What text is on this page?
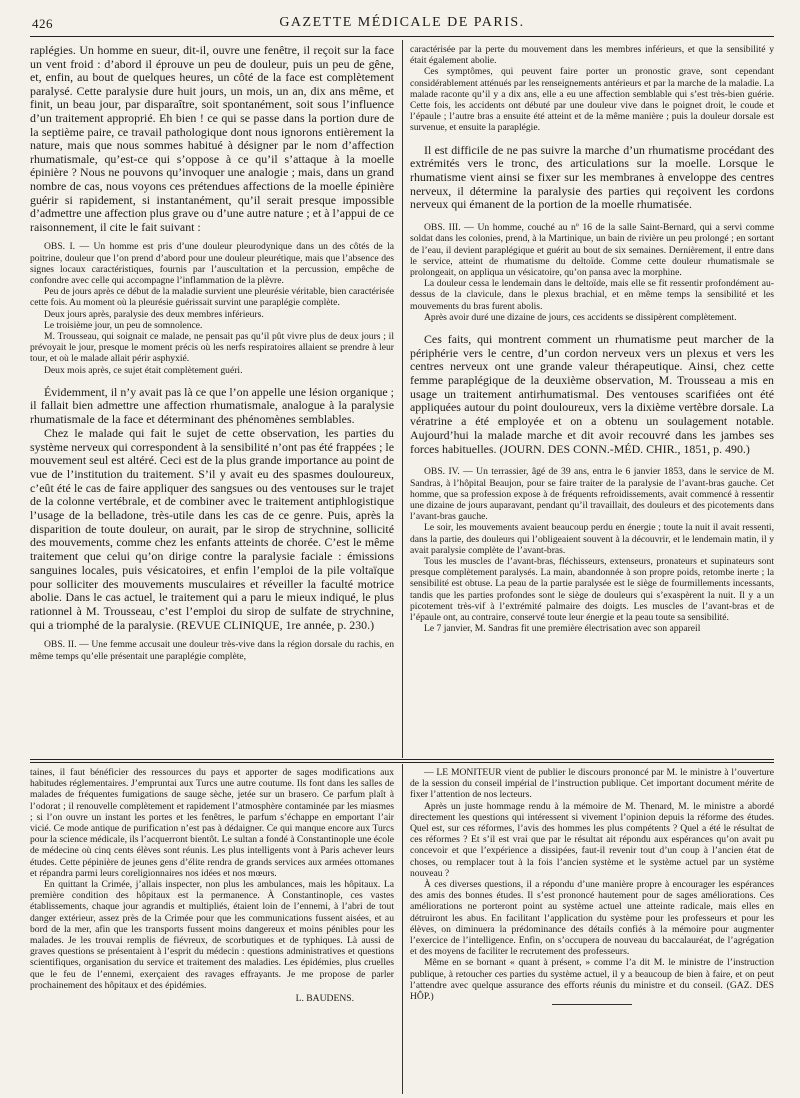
426	GAZETTE MÉDICALE DE PARIS.

raplégies. Un homme en sueur, dit-il, ouvre une fenêtre, il reçoit sur la face un vent froid : d’abord il éprouve un peu de douleur, puis un peu de gêne, et, enfin, au bout de quelques heures, un côté de la face est complètement paralysé. Cette paralysie dure huit jours, un mois, un an, dix ans même, et finit, un beau jour, par disparaître, soit spontanément, soit sous l’influence d’un traitement approprié. Eh bien ! ce qui se passe dans la portion dure de la septième paire, ce travail pathologique dont nous ignorons entièrement la nature, mais que nous sommes habitué à désigner par le nom d’affection rhumatismale, qu’est-ce qui s’oppose à ce qu’il s’attaque à la moelle épinière ? Nous ne pouvons qu’invoquer une analogie ; mais, dans un grand nombre de cas, nous voyons ces prétendues affections de la moelle épinière guérir si rapidement, si instantanément, qu’il serait presque impossible d’admettre une affection plus grave ou d’une autre nature ; et à l’appui de ce raisonnement, il cite le fait suivant :

OBS. I. — Un homme est pris d’une douleur pleurodynique dans un des côtés de la poitrine, douleur que l’on prend d’abord pour une douleur pleurétique, mais que l’absence des signes locaux caractéristiques, fournis par l’auscultation et la percussion, empêche de confondre avec celle qui accompagne l’inflammation de la plèvre.

Peu de jours après ce début de la maladie survient une pleurésie véritable, bien caractérisée cette fois. Au moment où la pleurésie guérissait survint une paraplégie complète.

Deux jours après, paralysie des deux membres inférieurs.

Le troisième jour, un peu de somnolence.

M. Trousseau, qui soignait ce malade, ne pensait pas qu’il pût vivre plus de deux jours ; il prévoyait le jour, presque le moment précis où les nerfs respiratoires allaient se prendre à leur tour, et où le malade allait périr asphyxié.

Deux mois après, ce sujet était complètement guéri.

Évidemment, il n’y avait pas là ce que l’on appelle une lésion organique ; il fallait bien admettre une affection rhumatismale, analogue à la paralysie rhumatismale de la face et déterminant des phénomènes semblables.

Chez le malade qui fait le sujet de cette observation, les parties du système nerveux qui correspondent à la sensibilité n’ont pas été frappées ; le mouvement seul est altéré. Ceci est de la plus grande importance au point de vue de l’institution du traitement. S’il y avait eu des spasmes douloureux, c’eût été le cas de faire appliquer des sangsues ou des ventouses sur le trajet de la colonne vertébrale, et de combiner avec le traitement antiphlogistique l’usage de la belladone, très-utile dans les cas de ce genre. Puis, après la disparition de toute douleur, on aurait, par le sirop de strychnine, sollicité des mouvements, comme chez les enfants atteints de chorée. C’est le même traitement que celui qu’on dirige contre la paralysie faciale : émissions sanguines locales, puis vésicatoires, et enfin l’emploi de la pile voltaïque pour solliciter des mouvements musculaires et réveiller la faculté motrice abolie. Dans le cas actuel, le traitement qui a paru le mieux indiqué, le plus rationnel à M. Trousseau, c’est l’emploi du sirop de sulfate de strychnine, qui a triomphé de la paralysie. (REVUE CLINIQUE, 1re année, p. 230.)

OBS. II. — Une femme accusait une douleur très-vive dans la région dorsale du rachis, en même temps qu’elle présentait une paraplégie complète,

caractérisée par la perte du mouvement dans les membres inférieurs, et que la sensibilité y était également abolie.

Ces symptômes, qui peuvent faire porter un pronostic grave, sont cependant considérablement atténués par les renseignements antérieurs et par la marche de la maladie. La malade raconte qu’il y a dix ans, elle a eu une affection semblable qui s’est très-bien guérie. Cette fois, les accidents ont débuté par une douleur vive dans le poignet droit, le coude et l’épaule ; l’autre bras a ensuite été atteint et de la même manière ; puis la douleur dorsale est survenue, et ensuite la paraplégie.

Il est difficile de ne pas suivre la marche d’un rhumatisme procédant des extrémités vers le tronc, des articulations sur la moelle. Lorsque le rhumatisme vient ainsi se fixer sur les membranes à enveloppe des centres nerveux, il détermine la paralysie des parties qui reçoivent les cordons nerveux qui émanent de la portion de la moelle rhumatisée.

OBS. III. — Un homme, couché au nº 16 de la salle Saint-Bernard, qui a servi comme soldat dans les colonies, prend, à la Martinique, un bain de rivière un peu prolongé ; en sortant de l’eau, il devient paraplégique et guérit au bout de six semaines. Dernièrement, il entre dans le service, atteint de rhumatisme du deltoïde. Comme cette douleur rhumatismale se prolongeait, on appliqua un vésicatoire, qu’on pansa avec la morphine.

La douleur cessa le lendemain dans le deltoïde, mais elle se fit ressentir profondément au-dessus de la clavicule, dans le plexus brachial, et en même temps la sensibilité et les mouvements du bras furent abolis.

Après avoir duré une dizaine de jours, ces accidents se dissipèrent complètement.

Ces faits, qui montrent comment un rhumatisme peut marcher de la périphérie vers le centre, d’un cordon nerveux vers un plexus et vers les centres nerveux ont une grande valeur thérapeutique. Ainsi, chez cette femme paraplégique de la deuxième observation, M. Trousseau a mis en usage un traitement antirhumatismal. Des ventouses scarifiées ont été appliquées autour du point douloureux, vers la dixième vertèbre dorsale. La vératrine a été employée et on a obtenu un soulagement notable. Aujourd’hui la malade marche et dit avoir recouvré dans les jambes ses forces habituelles. (JOURN. DES CONN.-MÉD. CHIR., 1851, p. 490.)

OBS. IV. — Un terrassier, âgé de 39 ans, entra le 6 janvier 1853, dans le service de M. Sandras, à l’hôpital Beaujon, pour se faire traiter de la paralysie de l’avant-bras gauche. Cet homme, que sa profession expose à de fréquents refroidissements, avait commencé à ressentir une dizaine de jours auparavant, pendant qu’il travaillait, des douleurs et des picotements dans l’avant-bras gauche.

Le soir, les mouvements avaient beaucoup perdu en énergie ; toute la nuit il avait ressenti, dans la partie, des douleurs qui l’obligeaient souvent à la découvrir, et le lendemain matin, il y avait paralysie complète de l’avant-bras.

Tous les muscles de l’avant-bras, fléchisseurs, extenseurs, pronateurs et supinateurs sont presque complètement paralysés. La main, abandonnée à son propre poids, retombe inerte ; la sensibilité est obtuse. La peau de la partie paralysée est le siège de fourmillements incessants, tandis que les parties profondes sont le siège de douleurs qui s’exaspèrent la nuit. Il y a un picotement très-vif à l’extrémité palmaire des doigts. Les muscles de l’avant-bras et de l’épaule ont, au contraire, conservé toute leur énergie et la peau toute sa sensibilité.

Le 7 janvier, M. Sandras fit une première électrisation avec son appareil

taines, il faut bénéficier des ressources du pays et apporter de sages modifications aux habitudes réglementaires. J’empruntai aux Turcs une autre coutume. Ils font dans les salles de malades de fréquentes fumigations de sauge sèche, jetée sur un brasero. Ce parfum plaît à l’odorat ; il renouvelle complètement et rapidement l’atmosphère contaminée par les miasmes ; si l’on ouvre un instant les portes et les fenêtres, le parfum s’échappe en emportant l’air vicié. Ce mode antique de purification n’est pas à dédaigner. Ce qui manque encore aux Turcs pour la science médicale, ils l’acquerront bientôt. Le sultan a fondé à Constantinople une école de médecine où cinq cents élèves sont réunis. Les plus intelligents vont à Paris achever leurs études. Cette pépinière de jeunes gens d’élite rendra de grands services aux armées ottomanes et répandra parmi leurs coreligionnaires nos idées et nos mœurs.

En quittant la Crimée, j’allais inspecter, non plus les ambulances, mais les hôpitaux. La première condition des hôpitaux est la permanence. À Constantinople, ces vastes établissements, chaque jour agrandis et multipliés, étaient loin de l’ennemi, à l’abri de tout danger extérieur, assez près de la Crimée pour que les communications fussent aisées, et au bord de la mer, afin que les transports fussent moins dangereux et moins pénibles pour les malades. Je les trouvai remplis de fiévreux, de scorbutiques et de typhiques. Là aussi de graves questions se présentaient à l’esprit du médecin : questions administratives et questions scientifiques, organisation du service et traitement des maladies. Les épidémies, plus cruelles que le feu de l’ennemi, exerçaient des ravages effrayants. Je me propose de parler prochainement des hôpitaux et des épidémies.

L. BAUDENS.

— LE MONITEUR vient de publier le discours prononcé par M. le ministre à l’ouverture de la session du conseil impérial de l’instruction publique. Cet important document mérite de fixer l’attention de nos lecteurs.

Après un juste hommage rendu à la mémoire de M. Thenard, M. le ministre a abordé directement les questions qui intéressent si vivement l’opinion depuis la réforme des études. Quel est, sur ces réformes, l’avis des hommes les plus compétents ? Quel a été le résultat de ces réformes ? Et s’il est vrai que par le résultat ait répondu aux espérances qu’on avait pu concevoir et que l’expérience a dissipées, faut-il revenir tout d’un coup à l’ancien état de choses, ou remplacer tout à la fois l’ancien système et le système actuel par un système nouveau ?

À ces diverses questions, il a répondu d’une manière propre à encourager les espérances des amis des bonnes études. Il s’est prononcé hautement pour de sages améliorations. Ces améliorations ne porteront point au système actuel une atteinte radicale, mais elles en détruiront les abus. En facilitant l’application du système pour les professeurs et pour les élèves, on diminuera la prédominance des détails confiés à la mémoire pour augmenter l’exercice de l’intelligence. Enfin, on s’occupera de nouveau du baccalauréat, de l’agrégation et des moyens de faciliter le recrutement des professeurs.

Même en se bornant « quant à présent, » comme l’a dit M. le ministre de l’instruction publique, à retoucher ces parties du système actuel, il y a beaucoup de bien à faire, et on peut l’attendre avec quelque assurance des efforts réunis du ministre et du conseil. (GAZ. DES HÔP.)
